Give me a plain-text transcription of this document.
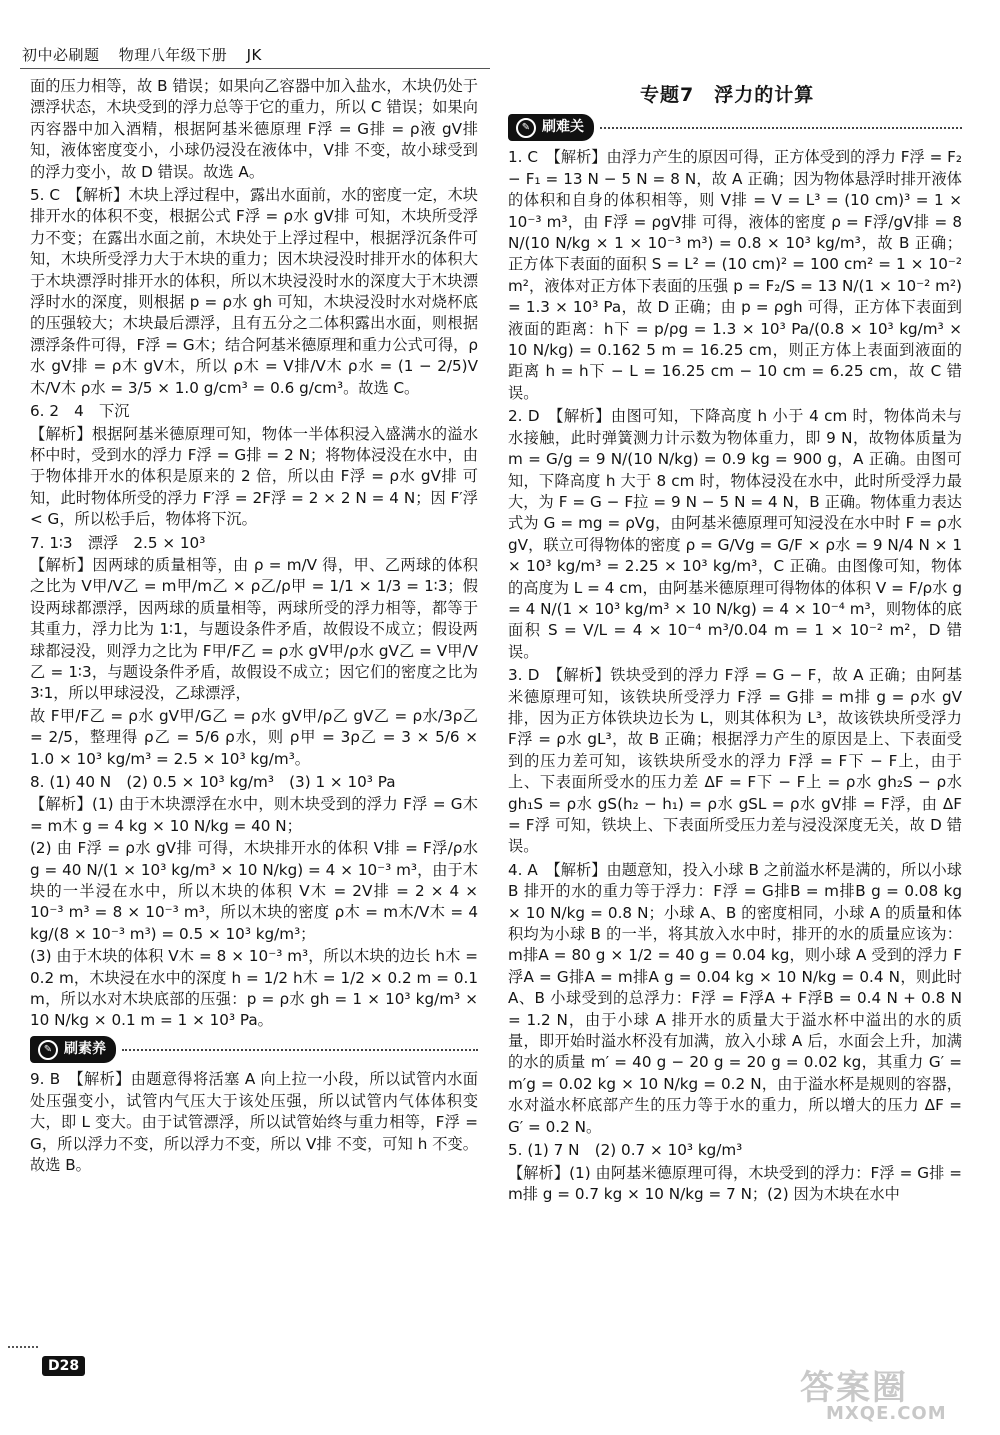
初中必刷题 物理八年级下册 JK

面的压力相等，故 B 错误；如果向乙容器中加入盐水，木块仍处于漂浮状态，木块受到的浮力总等于它的重力，所以 C 错误；如果向丙容器中加入酒精，根据阿基米德原理 F浮 = G排 = ρ液 gV排 知，液体密度变小，小球仍浸没在液体中，V排 不变，故小球受到的浮力变小，故 D 错误。故选 A。

5. C　【解析】木块上浮过程中，露出水面前，水的密度一定，木块排开水的体积不变，根据公式 F浮 = ρ水 gV排 可知，木块所受浮力不变；在露出水面之前，木块处于上浮过程中，根据浮沉条件可知，木块所受浮力大于木块的重力；因木块浸没时排开水的体积大于木块漂浮时排开水的体积，所以木块浸没时水的深度大于木块漂浮时水的深度，则根据 p = ρ水 gh 可知，木块浸没时水对烧杯底的压强较大；木块最后漂浮，且有五分之二体积露出水面，则根据漂浮条件可得，F浮 = G木；结合阿基米德原理和重力公式可得，ρ水 gV排 = ρ木 gV木，所以 ρ木 = V排/V木 ρ水 = (1 − 2/5)V木/V木 ρ水 = 3/5 × 1.0 g/cm³ = 0.6 g/cm³。故选 C。

6. 2　4　下沉

【解析】根据阿基米德原理可知，物体一半体积浸入盛满水的溢水杯中时，受到水的浮力 F浮 = G排 = 2 N；将物体浸没在水中，由于物体排开水的体积是原来的 2 倍，所以由 F浮 = ρ水 gV排 可知，此时物体所受的浮力 F′浮 = 2F浮 = 2 × 2 N = 4 N；因 F′浮 < G，所以松手后，物体将下沉。

7. 1∶3　漂浮　2.5 × 10³

【解析】因两球的质量相等，由 ρ = m/V 得，甲、乙两球的体积之比为 V甲/V乙 = m甲/m乙 × ρ乙/ρ甲 = 1/1 × 1/3 = 1∶3；假设两球都漂浮，因两球的质量相等，两球所受的浮力相等，都等于其重力，浮力比为 1∶1，与题设条件矛盾，故假设不成立；假设两球都浸没，则浮力之比为 F甲/F乙 = ρ水 gV甲/ρ水 gV乙 = V甲/V乙 = 1∶3，与题设条件矛盾，故假设不成立；因它们的密度之比为 3∶1，所以甲球浸没，乙球漂浮，

故 F甲/F乙 = ρ水 gV甲/G乙 = ρ水 gV甲/ρ乙 gV乙 = ρ水/3ρ乙 = 2/5，整理得 ρ乙 = 5/6 ρ水，则 ρ甲 = 3ρ乙 = 3 × 5/6 × 1.0 × 10³ kg/m³ = 2.5 × 10³ kg/m³。

8. (1) 40 N　(2) 0.5 × 10³ kg/m³　(3) 1 × 10³ Pa

【解析】(1) 由于木块漂浮在水中，则木块受到的浮力 F浮 = G木 = m木 g = 4 kg × 10 N/kg = 40 N；

(2) 由 F浮 = ρ水 gV排 可得，木块排开水的体积 V排 = F浮/ρ水 g = 40 N/(1 × 10³ kg/m³ × 10 N/kg) = 4 × 10⁻³ m³，由于木块的一半浸在水中，所以木块的体积 V木 = 2V排 = 2 × 4 × 10⁻³ m³ = 8 × 10⁻³ m³，所以木块的密度 ρ木 = m木/V木 = 4 kg/(8 × 10⁻³ m³) = 0.5 × 10³ kg/m³；

(3) 由于木块的体积 V木 = 8 × 10⁻³ m³，所以木块的边长 h木 = 0.2 m，木块浸在水中的深度 h = 1/2 h木 = 1/2 × 0.2 m = 0.1 m，所以水对木块底部的压强：p = ρ水 gh = 1 × 10³ kg/m³ × 10 N/kg × 0.1 m = 1 × 10³ Pa。

✎ 刷素养

9. B　【解析】由题意得将活塞 A 向上拉一小段，所以试管内水面处压强变小，试管内气压大于该处压强，所以试管内气体体积变大，即 L 变大。由于试管漂浮，所以试管始终与重力相等，F浮 = G，所以浮力不变，所以浮力不变，所以 V排 不变，可知 h 不变。故选 B。

专题7　浮力的计算
✎ 刷难关

1. C　【解析】由浮力产生的原因可得，正方体受到的浮力 F浮 = F₂ − F₁ = 13 N − 5 N = 8 N，故 A 正确；因为物体悬浮时排开液体的体积和自身的体积相等，则 V排 = V = L³ = (10 cm)³ = 1 × 10⁻³ m³，由 F浮 = ρgV排 可得，液体的密度 ρ = F浮/gV排 = 8 N/(10 N/kg × 1 × 10⁻³ m³) = 0.8 × 10³ kg/m³，故 B 正确；正方体下表面的面积 S = L² = (10 cm)² = 100 cm² = 1 × 10⁻² m²，液体对正方体下表面的压强 p = F₂/S = 13 N/(1 × 10⁻² m²) = 1.3 × 10³ Pa，故 D 正确；由 p = ρgh 可得，正方体下表面到液面的距离：h下 = p/ρg = 1.3 × 10³ Pa/(0.8 × 10³ kg/m³ × 10 N/kg) = 0.162 5 m = 16.25 cm，则正方体上表面到液面的距离 h = h下 − L = 16.25 cm − 10 cm = 6.25 cm，故 C 错误。

2. D　【解析】由图可知，下降高度 h 小于 4 cm 时，物体尚未与水接触，此时弹簧测力计示数为物体重力，即 9 N，故物体质量为 m = G/g = 9 N/(10 N/kg) = 0.9 kg = 900 g，A 正确。由图可知，下降高度 h 大于 8 cm 时，物体浸没在水中，此时所受浮力最大，为 F = G − F拉 = 9 N − 5 N = 4 N，B 正确。物体重力表达式为 G = mg = ρVg，由阿基米德原理可知浸没在水中时 F = ρ水 gV，联立可得物体的密度 ρ = G/Vg = G/F × ρ水 = 9 N/4 N × 1 × 10³ kg/m³ = 2.25 × 10³ kg/m³，C 正确。由图像可知，物体的高度为 L = 4 cm，由阿基米德原理可得物体的体积 V = F/ρ水 g = 4 N/(1 × 10³ kg/m³ × 10 N/kg) = 4 × 10⁻⁴ m³，则物体的底面积 S = V/L = 4 × 10⁻⁴ m³/0.04 m = 1 × 10⁻² m²，D 错误。

3. D　【解析】铁块受到的浮力 F浮 = G − F，故 A 正确；由阿基米德原理可知，该铁块所受浮力 F浮 = G排 = m排 g = ρ水 gV排，因为正方体铁块边长为 L，则其体积为 L³，故该铁块所受浮力 F浮 = ρ水 gL³，故 B 正确；根据浮力产生的原因是上、下表面受到的压力差可知，该铁块所受水的浮力 F浮 = F下 − F上，由于上、下表面所受水的压力差 ΔF = F下 − F上 = ρ水 gh₂S − ρ水 gh₁S = ρ水 gS(h₂ − h₁) = ρ水 gSL = ρ水 gV排 = F浮，由 ΔF = F浮 可知，铁块上、下表面所受压力差与浸没深度无关，故 D 错误。

4. A　【解析】由题意知，投入小球 B 之前溢水杯是满的，所以小球 B 排开的水的重力等于浮力：F浮 = G排B = m排B g = 0.08 kg × 10 N/kg = 0.8 N；小球 A、B 的密度相同，小球 A 的质量和体积均为小球 B 的一半，将其放入水中时，排开的水的质量应该为：m排A = 80 g × 1/2 = 40 g = 0.04 kg，则小球 A 受到的浮力 F浮A = G排A = m排A g = 0.04 kg × 10 N/kg = 0.4 N，则此时 A、B 小球受到的总浮力：F浮 = F浮A + F浮B = 0.4 N + 0.8 N = 1.2 N，由于小球 A 排开水的质量大于溢水杯中溢出的水的质量，即开始时溢水杯没有加满，放入小球 A 后，水面会上升，加满的水的质量 m′ = 40 g − 20 g = 20 g = 0.02 kg，其重力 G′ = m′g = 0.02 kg × 10 N/kg = 0.2 N，由于溢水杯是规则的容器，水对溢水杯底部产生的压力等于水的重力，所以增大的压力 ΔF = G′ = 0.2 N。

5. (1) 7 N　(2) 0.7 × 10³ kg/m³

【解析】(1) 由阿基米德原理可得，木块受到的浮力：F浮 = G排 = m排 g = 0.7 kg × 10 N/kg = 7 N；(2) 因为木块在水中

D28
答案圈
MXQE.COM
